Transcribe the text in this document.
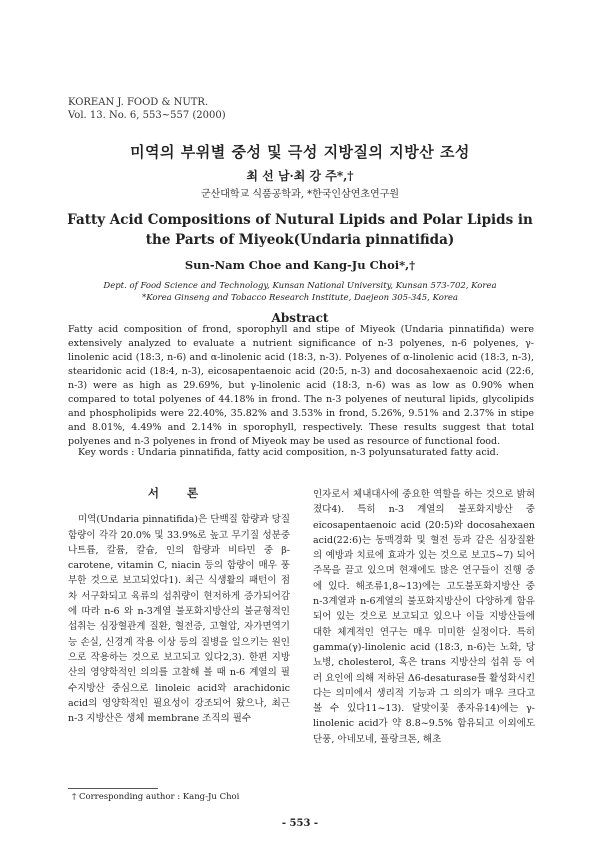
KOREAN J. FOOD & NUTR.
Vol. 13. No. 6, 553~557 (2000)
미역의 부위별 중성 및 극성 지방질의 지방산 조성
최 선 남·최 강 주*,†
군산대학교 식품공학과, *한국인삼연초연구원
Fatty Acid Compositions of Nutural Lipids and Polar Lipids in
the Parts of Miyeok(Undaria pinnatifida)
Sun-Nam Choe and Kang-Ju Choi*,†
Dept. of Food Science and Technology, Kunsan National University, Kunsan 573-702, Korea
*Korea Ginseng and Tobacco Research Institute, Daejeon 305-345, Korea
Abstract
Fatty acid composition of frond, sporophyll and stipe of Miyeok (Undaria pinnatifida) were extensively analyzed to evaluate a nutrient significance of n-3 polyenes, n-6 polyenes, γ-linolenic acid (18:3, n-6) and α-linolenic acid (18:3, n-3). Polyenes of α-linolenic acid (18:3, n-3), stearidonic acid (18:4, n-3), eicosapentaenoic acid (20:5, n-3) and docosahexaenoic acid (22:6, n-3) were as high as 29.69%, but γ-linolenic acid (18:3, n-6) was as low as 0.90% when compared to total polyenes of 44.18% in frond. The n-3 polyenes of neutural lipids, glycolipids and phospholipids were 22.40%, 35.82% and 3.53% in frond, 5.26%, 9.51% and 2.37% in stipe and 8.01%, 4.49% and 2.14% in sporophyll, respectively. These results suggest that total polyenes and n-3 polyenes in frond of Miyeok may be used as resource of functional food.
Key words : Undaria pinnatifida, fatty acid composition, n-3 polyunsaturated fatty acid.
서 론

미역(Undaria pinnatifida)은 단백질 함량과 당질 함량이 각각 20.0% 및 33.9%로 높고 무기질 성분중 나트륨, 칼륨, 칼슘, 인의 함량과 비타민 중 β-carotene, vitamin C, niacin 등의 함량이 매우 풍부한 것으로 보고되었다1). 최근 식생활의 패턴이 점차 서구화되고 육류의 섭취량이 현저하게 증가되어감에 따라 n-6 와 n-3계열 불포화지방산의 불균형적인 섭취는 심장혈관계 질환, 혈전증, 고혈압, 자가면역기능 손실, 신경계 작용 이상 등의 질병을 일으키는 원인으로 작용하는 것으로 보고되고 있다2,3). 한편 지방산의 영양학적인 의의를 고찰해 볼 때 n-6 계열의 필수지방산 중심으로 linoleic acid와 arachidonic acid의 영양학적인 필요성이 강조되어 왔으나, 최근 n-3 지방산은 생체 membrane 조직의 필수

인자로서 체내대사에 중요한 역할을 하는 것으로 밝혀졌다4). 특히 n-3 계열의 불포화지방산 중 eicosapentaenoic acid (20:5)와 docosahexaen acid(22:6)는 동맥경화 및 혈전 등과 같은 심장질환의 예방과 치료에 효과가 있는 것으로 보고5~7) 되어 주목을 끌고 있으며 현재에도 많은 연구들이 진행 중에 있다. 해조류1,8~13)에는 고도불포화지방산 중 n-3계열과 n-6계열의 불포화지방산이 다양하게 함유되어 있는 것으로 보고되고 있으나 이들 지방산들에 대한 체계적인 연구는 매우 미미한 실정이다. 특히 gamma(γ)-linolenic acid (18:3, n-6)는 노화, 당뇨병, cholesterol, 혹은 trans 지방산의 섭취 등 여러 요인에 의해 저하된 Δ6-desaturase를 활성화시킨다는 의미에서 생리적 기능과 그 의의가 매우 크다고 볼 수 있다11~13). 달맞이꽃 종자유14)에는 γ-linolenic acid가 약 8.8~9.5% 함유되고 이외에도 단풍, 아네모네, 플랑크톤, 해초

† Corresponding author : Kang-Ju Choi
- 553 -
